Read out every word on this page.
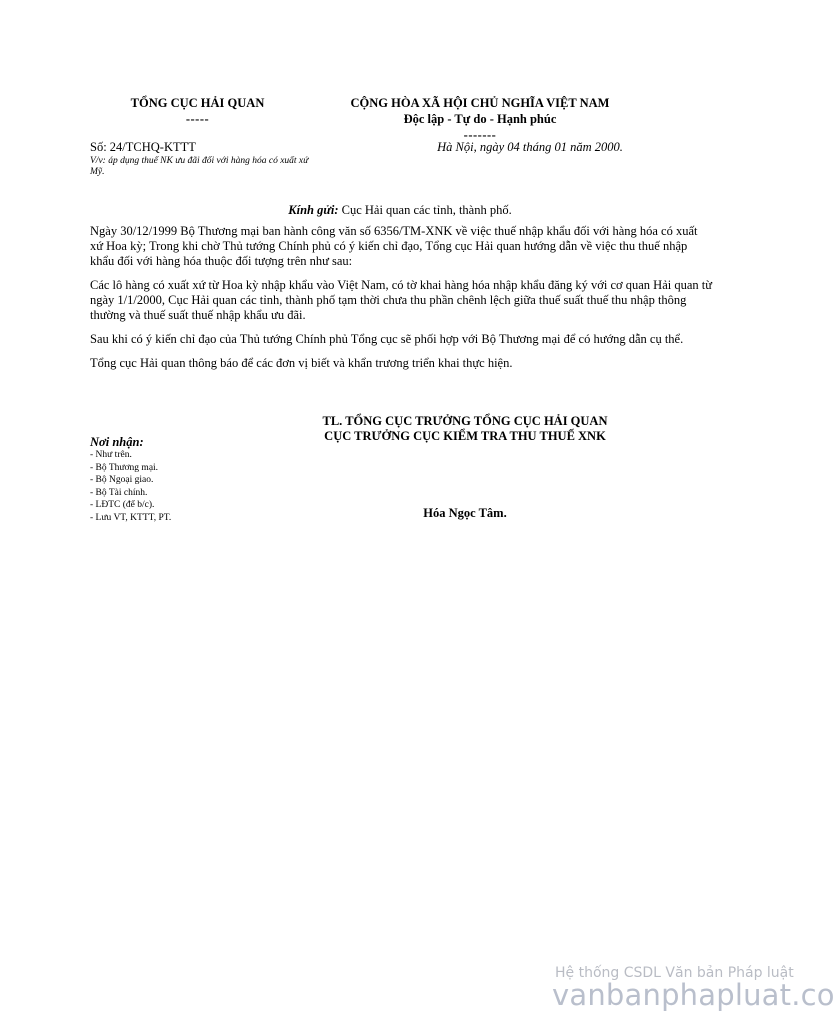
TỔNG CỤC HẢI QUAN
-----
CỘNG HÒA XÃ HỘI CHỦ NGHĨA VIỆT NAM
Độc lập - Tự do - Hạnh phúc
-------
Số: 24/TCHQ-KTTT
V/v: áp dụng thuế NK ưu đãi đối với hàng hóa có xuất xứ Mỹ.
Hà Nội, ngày 04 tháng 01 năm 2000.
Kính gửi: Cục Hải quan các tỉnh, thành phố.

Ngày 30/12/1999 Bộ Thương mại ban hành công văn số 6356/TM-XNK về việc thuế nhập khẩu đối với hàng hóa có xuất xứ Hoa kỳ; Trong khi chờ Thủ tướng Chính phủ có ý kiến chỉ đạo, Tổng cục Hải quan hướng dẫn về việc thu thuế nhập khẩu đối với hàng hóa thuộc đối tượng trên như sau:

Các lô hàng có xuất xứ từ Hoa kỳ nhập khẩu vào Việt Nam, có tờ khai hàng hóa nhập khẩu đăng ký với cơ quan Hải quan từ ngày 1/1/2000, Cục Hải quan các tỉnh, thành phố tạm thời chưa thu phần chênh lệch giữa thuế suất thuế thu nhập thông thường và thuế suất thuế nhập khẩu ưu đãi.

Sau khi có ý kiến chỉ đạo của Thủ tướng Chính phủ Tổng cục sẽ phối hợp với Bộ Thương mại để có hướng dẫn cụ thể.

Tổng cục Hải quan thông báo để các đơn vị biết và khẩn trương triển khai thực hiện.

TL. TỔNG CỤC TRƯỞNG TỔNG CỤC HẢI QUAN
CỤC TRƯỞNG CỤC KIỂM TRA THU THUẾ XNK
Hóa Ngọc Tâm.
Nơi nhận:
- Như trên.
- Bộ Thương mại.
- Bộ Ngoại giao.
- Bộ Tài chính.
- LĐTC (để b/c).
- Lưu VT, KTTT, PT.
Hệ thống CSDL Văn bản Pháp luật
vanbanphapluat.co
